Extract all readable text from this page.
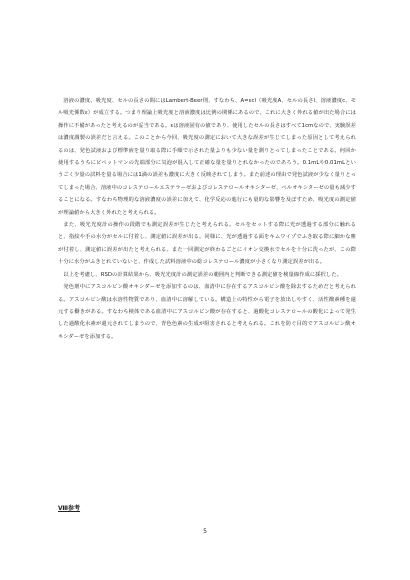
溶液の濃度、吸光度、セルの長さの間にはLambert-Beer則、すなわち、A=εcl（吸光度A、セルの長さl、溶液濃度c、モル吸光係数ε）が成立する。つまり理論上吸光度と溶液濃度は比例の関係にあるので、これに大きく外れる値が出た場合には操作に不備があったと考えるのが妥当である。εは溶液固有の値であり、使用したセルの長さはすべて1cmなので、実験誤差は濃度調製の誤差だと言える。このことから今回、吸光度の測定において大きな誤差が生じてしまった原因として考えられるのは、発色試液および標準液を量り取る際に手順で示された量よりも少ない量を測りとってしまったことである。何回か使用するうちにピペットマンの先端部分に気泡が混入して正確な量を量りとれなかったのであろう。0.1mLや0.01mLというごく少量の試料を量る場合には1滴の誤差も濃度に大きく反映されてしまう。また前述の理由で発色試液が少なく量りとってしまった場合、溶液中のコレステロールエステラーゼおよびコレステロールオキシターゼ、ペルオキシターゼの量も減少することになる。すなわち物理的な溶液濃度の誤差に加えて、化学反応の進行にも量的な影響を及ぼすため、吸光度の測定値が理論値から大きく外れたと考えられる。

また、吸光光度計の操作の段階でも測定誤差が生じたと考えられる。セルをセットする際に光が透過する部分に触れると、指紋や手の水分がセルに付着し、測定値に誤差が出る。同様に、光が透過する面をキムワイプでふき取る際に細かな塵が付着し、測定値に誤差が出たと考えられる。また一回測定が終わるごとにイオン交換水でセルを十分に洗ったが、この際十分に水分がふきとれていないと、作成した試料溶液中の総コレステロール濃度が小さくなり測定誤差が出る。

以上を考慮し、RSDの計算結果から、吸光光度計の測定誤差の範囲内と判断できる測定値を検量線作成に採択した。

発色剤中にアスコルビン酸オキシダーゼを添加するのは、血清中に存在するアスコルビン酸を除去するためだと考えられる。アスコルビン酸は水溶性物質であり、血清中に溶解している。構造上の特性から電子を放出しやすく、活性酸素種を還元する働きがある。すなわち検体である血清中にアスコルビン酸が存在すると、過酸化コレステロールの酸化によって発生した過酸化水素が還元されてしまうので、青色色素の生成が阻害されると考えられる。これを防ぐ目的でアスコルビン酸オキシダーゼを添加する。

Ⅷ参考
5
